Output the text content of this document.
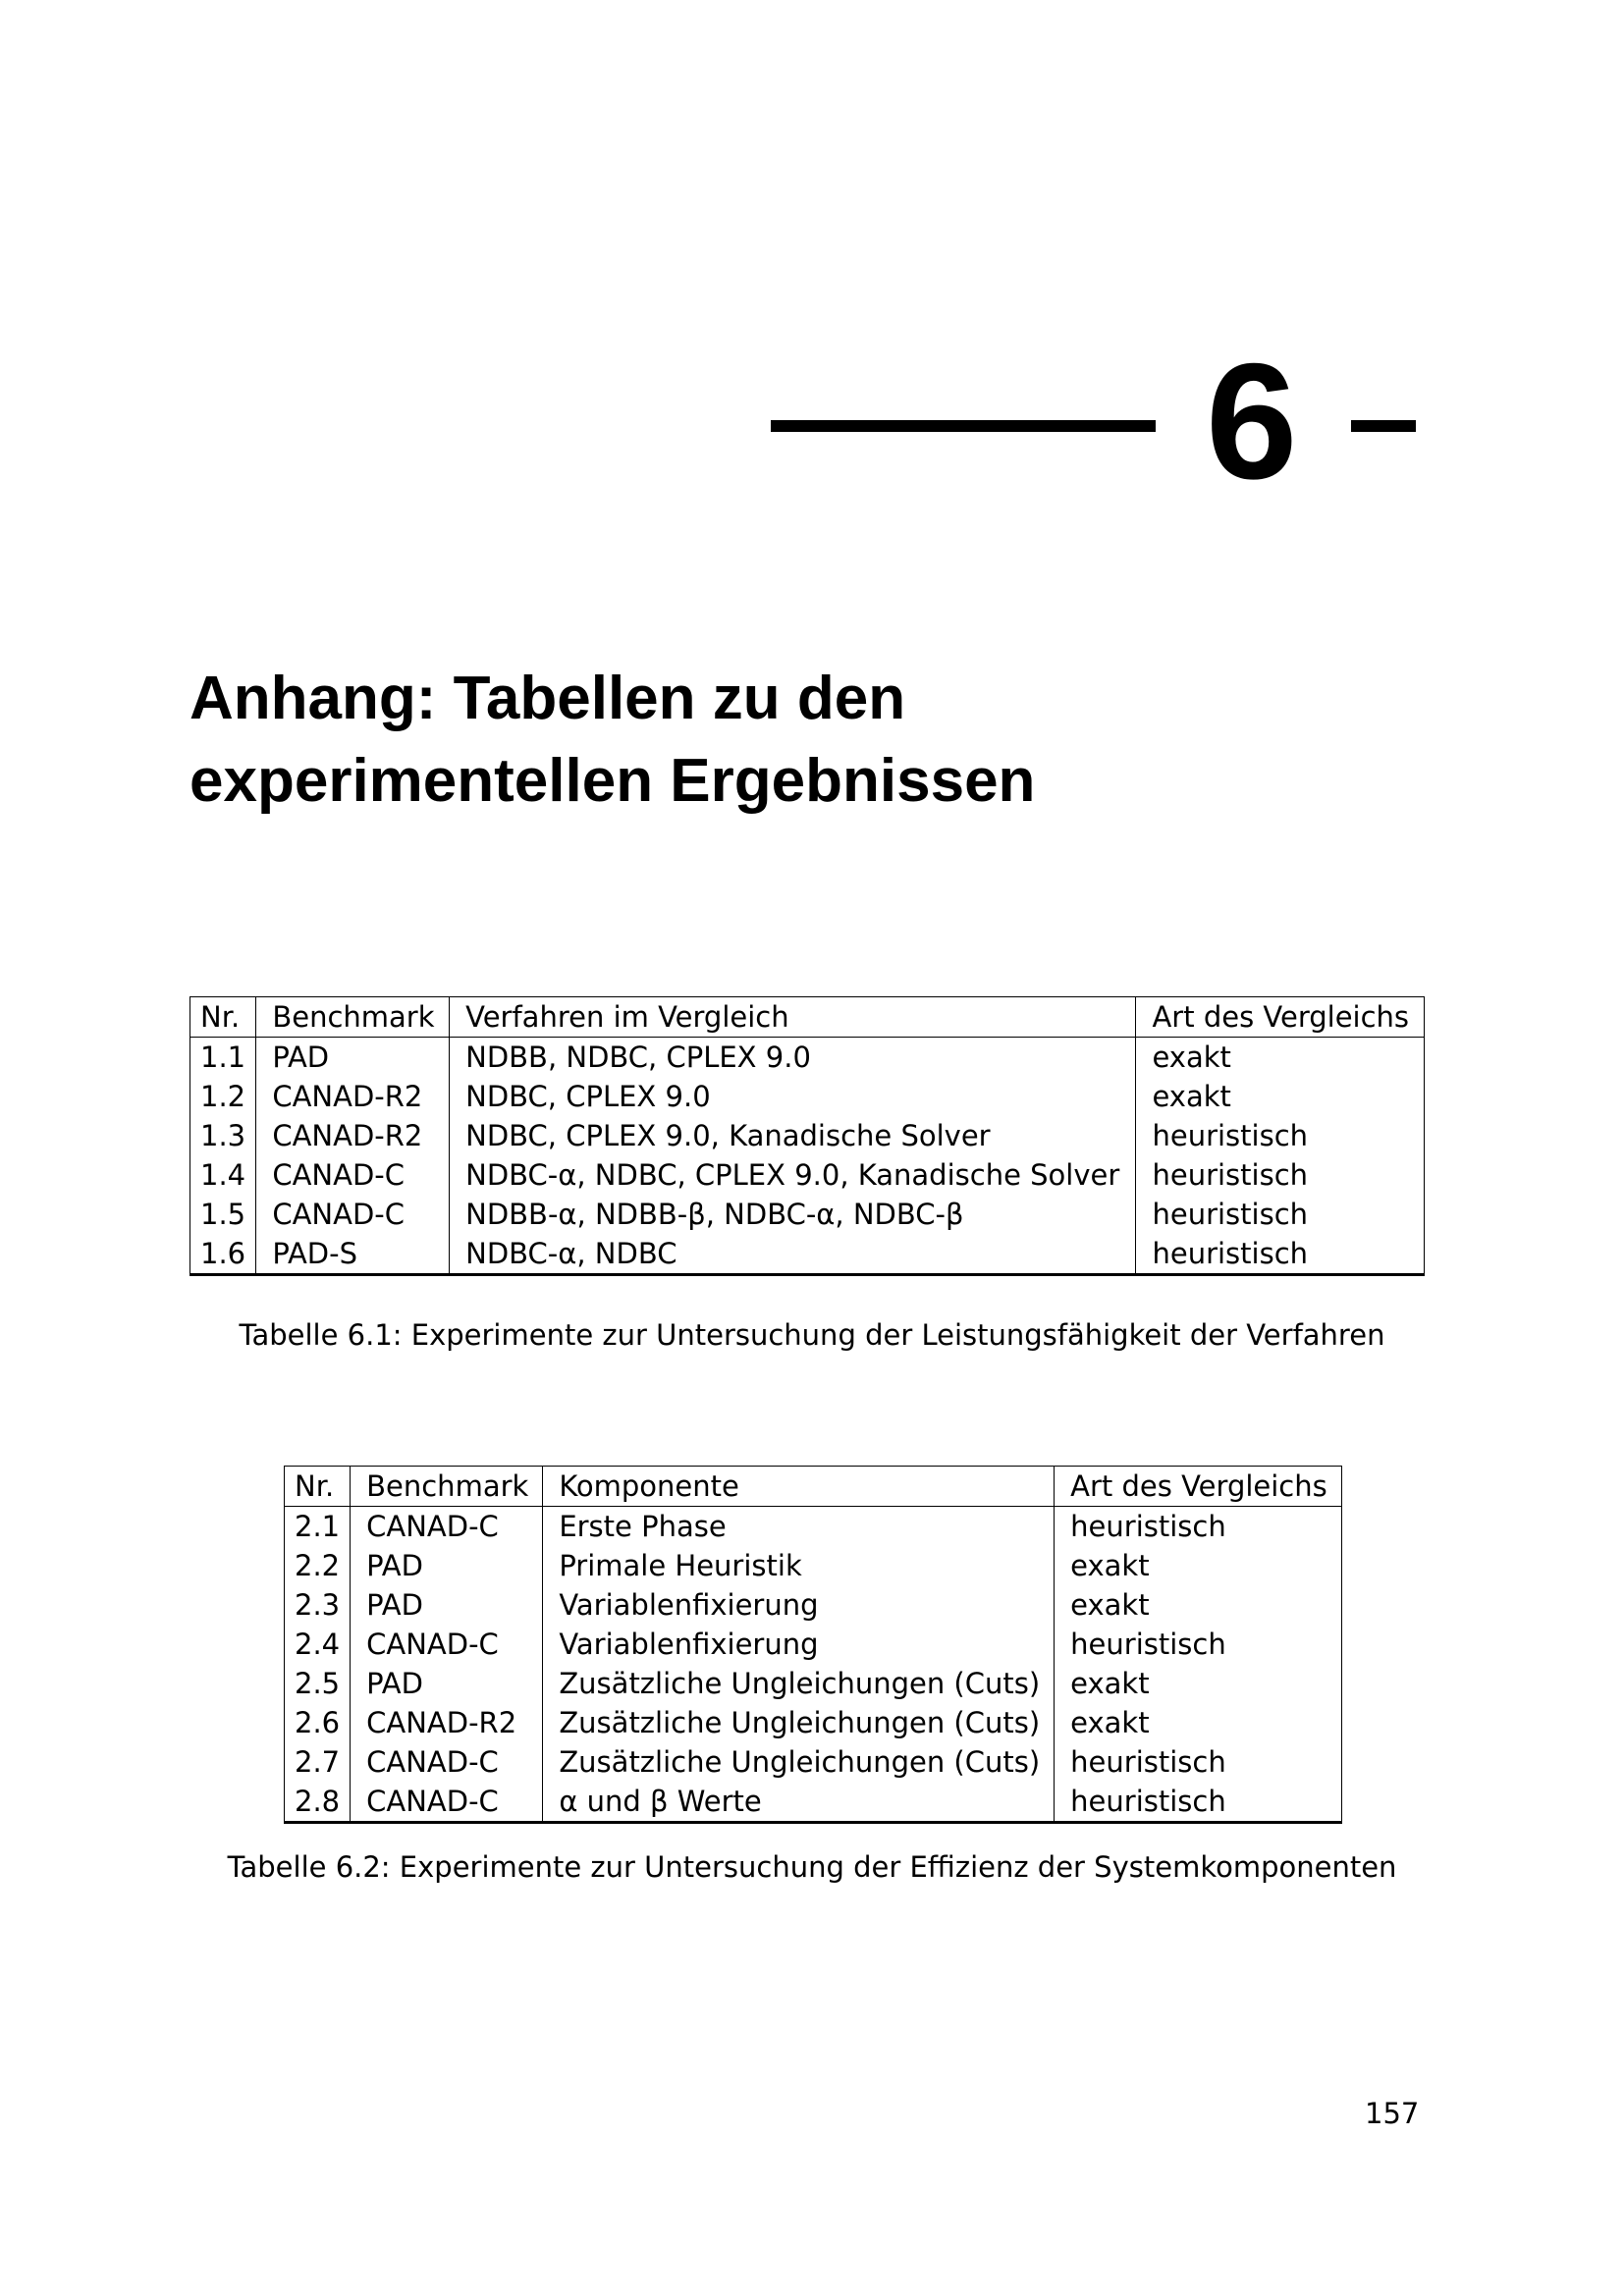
6
Anhang: Tabellen zu den
experimentellen Ergebnissen
Nr.	Benchmark	Verfahren im Vergleich	Art des Vergleichs
1.1	PAD	NDBB, NDBC, CPLEX 9.0	exakt
1.2	CANAD-R2	NDBC, CPLEX 9.0	exakt
1.3	CANAD-R2	NDBC, CPLEX 9.0, Kanadische Solver	heuristisch
1.4	CANAD-C	NDBC-α, NDBC, CPLEX 9.0, Kanadische Solver	heuristisch
1.5	CANAD-C	NDBB-α, NDBB-β, NDBC-α, NDBC-β	heuristisch
1.6	PAD-S	NDBC-α, NDBC	heuristisch
Tabelle 6.1: Experimente zur Untersuchung der Leistungsfähigkeit der Verfahren
Nr.	Benchmark	Komponente	Art des Vergleichs
2.1	CANAD-C	Erste Phase	heuristisch
2.2	PAD	Primale Heuristik	exakt
2.3	PAD	Variablenfixierung	exakt
2.4	CANAD-C	Variablenfixierung	heuristisch
2.5	PAD	Zusätzliche Ungleichungen (Cuts)	exakt
2.6	CANAD-R2	Zusätzliche Ungleichungen (Cuts)	exakt
2.7	CANAD-C	Zusätzliche Ungleichungen (Cuts)	heuristisch
2.8	CANAD-C	α und β Werte	heuristisch
Tabelle 6.2: Experimente zur Untersuchung der Effizienz der Systemkomponenten
157
